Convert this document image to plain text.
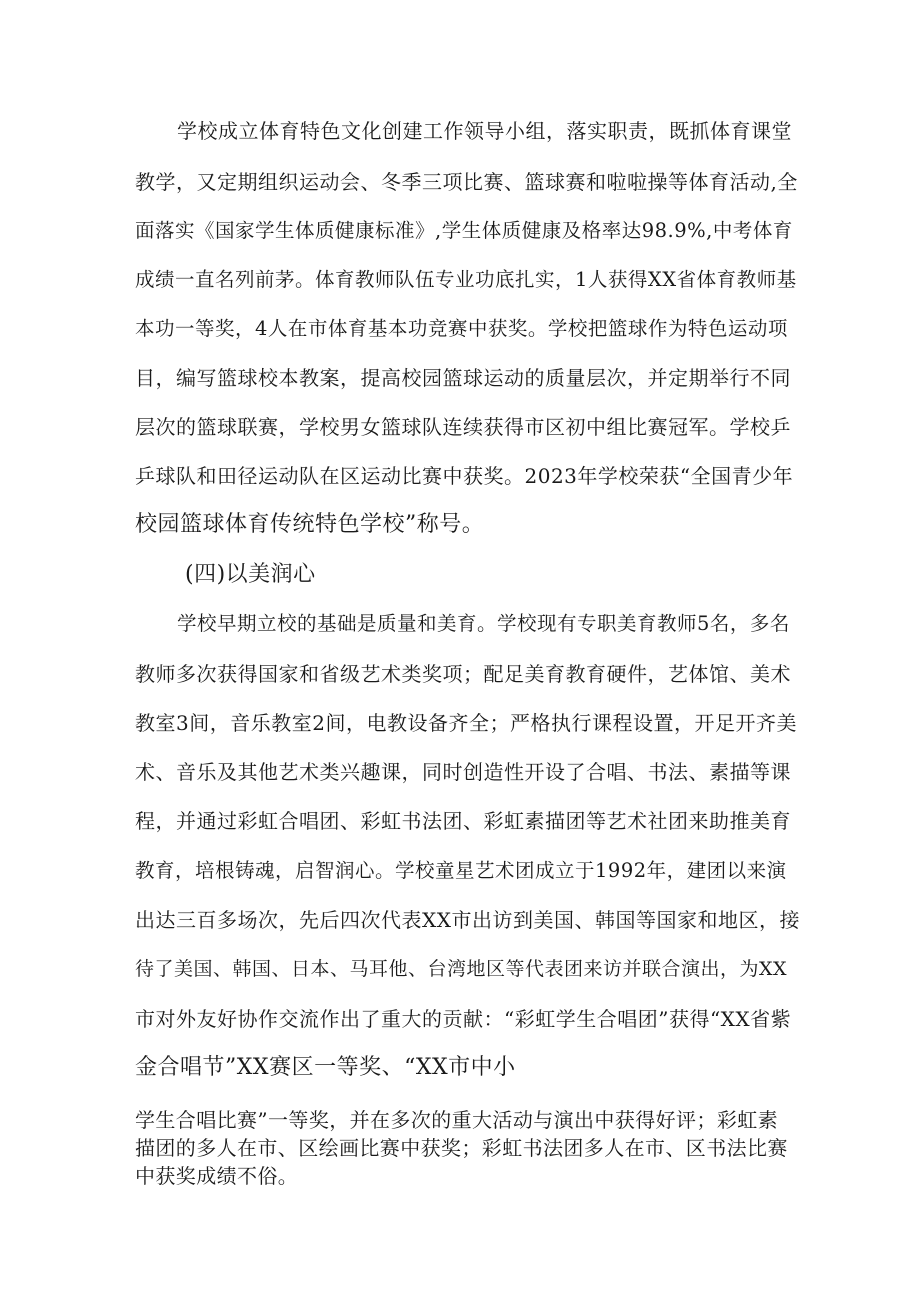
学校成立体育特色文化创建工作领导小组，落实职责，既抓体育课堂

教学，又定期组织运动会、冬季三项比赛、篮球赛和啦啦操等体育活动,全

面落实《国家学生体质健康标准》,学生体质健康及格率达98.9%,中考体育

成绩一直名列前茅。体育教师队伍专业功底扎实，1人获得XX省体育教师基

本功一等奖，4人在市体育基本功竞赛中获奖。学校把篮球作为特色运动项

目，编写篮球校本教案，提高校园篮球运动的质量层次，并定期举行不同

层次的篮球联赛，学校男女篮球队连续获得市区初中组比赛冠军。学校乒

乒球队和田径运动队在区运动比赛中获奖。2023年学校荣获“全国青少年

校园篮球体育传统特色学校”称号。

(四)以美润心

学校早期立校的基础是质量和美育。学校现有专职美育教师5名，多名

教师多次获得国家和省级艺术类奖项；配足美育教育硬件，艺体馆、美术

教室3间，音乐教室2间，电教设备齐全；严格执行课程设置，开足开齐美

术、音乐及其他艺术类兴趣课，同时创造性开设了合唱、书法、素描等课

程，并通过彩虹合唱团、彩虹书法团、彩虹素描团等艺术社团来助推美育

教育，培根铸魂，启智润心。学校童星艺术团成立于1992年，建团以来演

出达三百多场次，先后四次代表XX市出访到美国、韩国等国家和地区，接

待了美国、韩国、日本、马耳他、台湾地区等代表团来访并联合演出，为XX

市对外友好协作交流作出了重大的贡献：“彩虹学生合唱团”获得“XX省紫

金合唱节”XX赛区一等奖、“XX市中小

学生合唱比赛”一等奖，并在多次的重大活动与演出中获得好评；彩虹素

描团的多人在市、区绘画比赛中获奖；彩虹书法团多人在市、区书法比赛

中获奖成绩不俗。
